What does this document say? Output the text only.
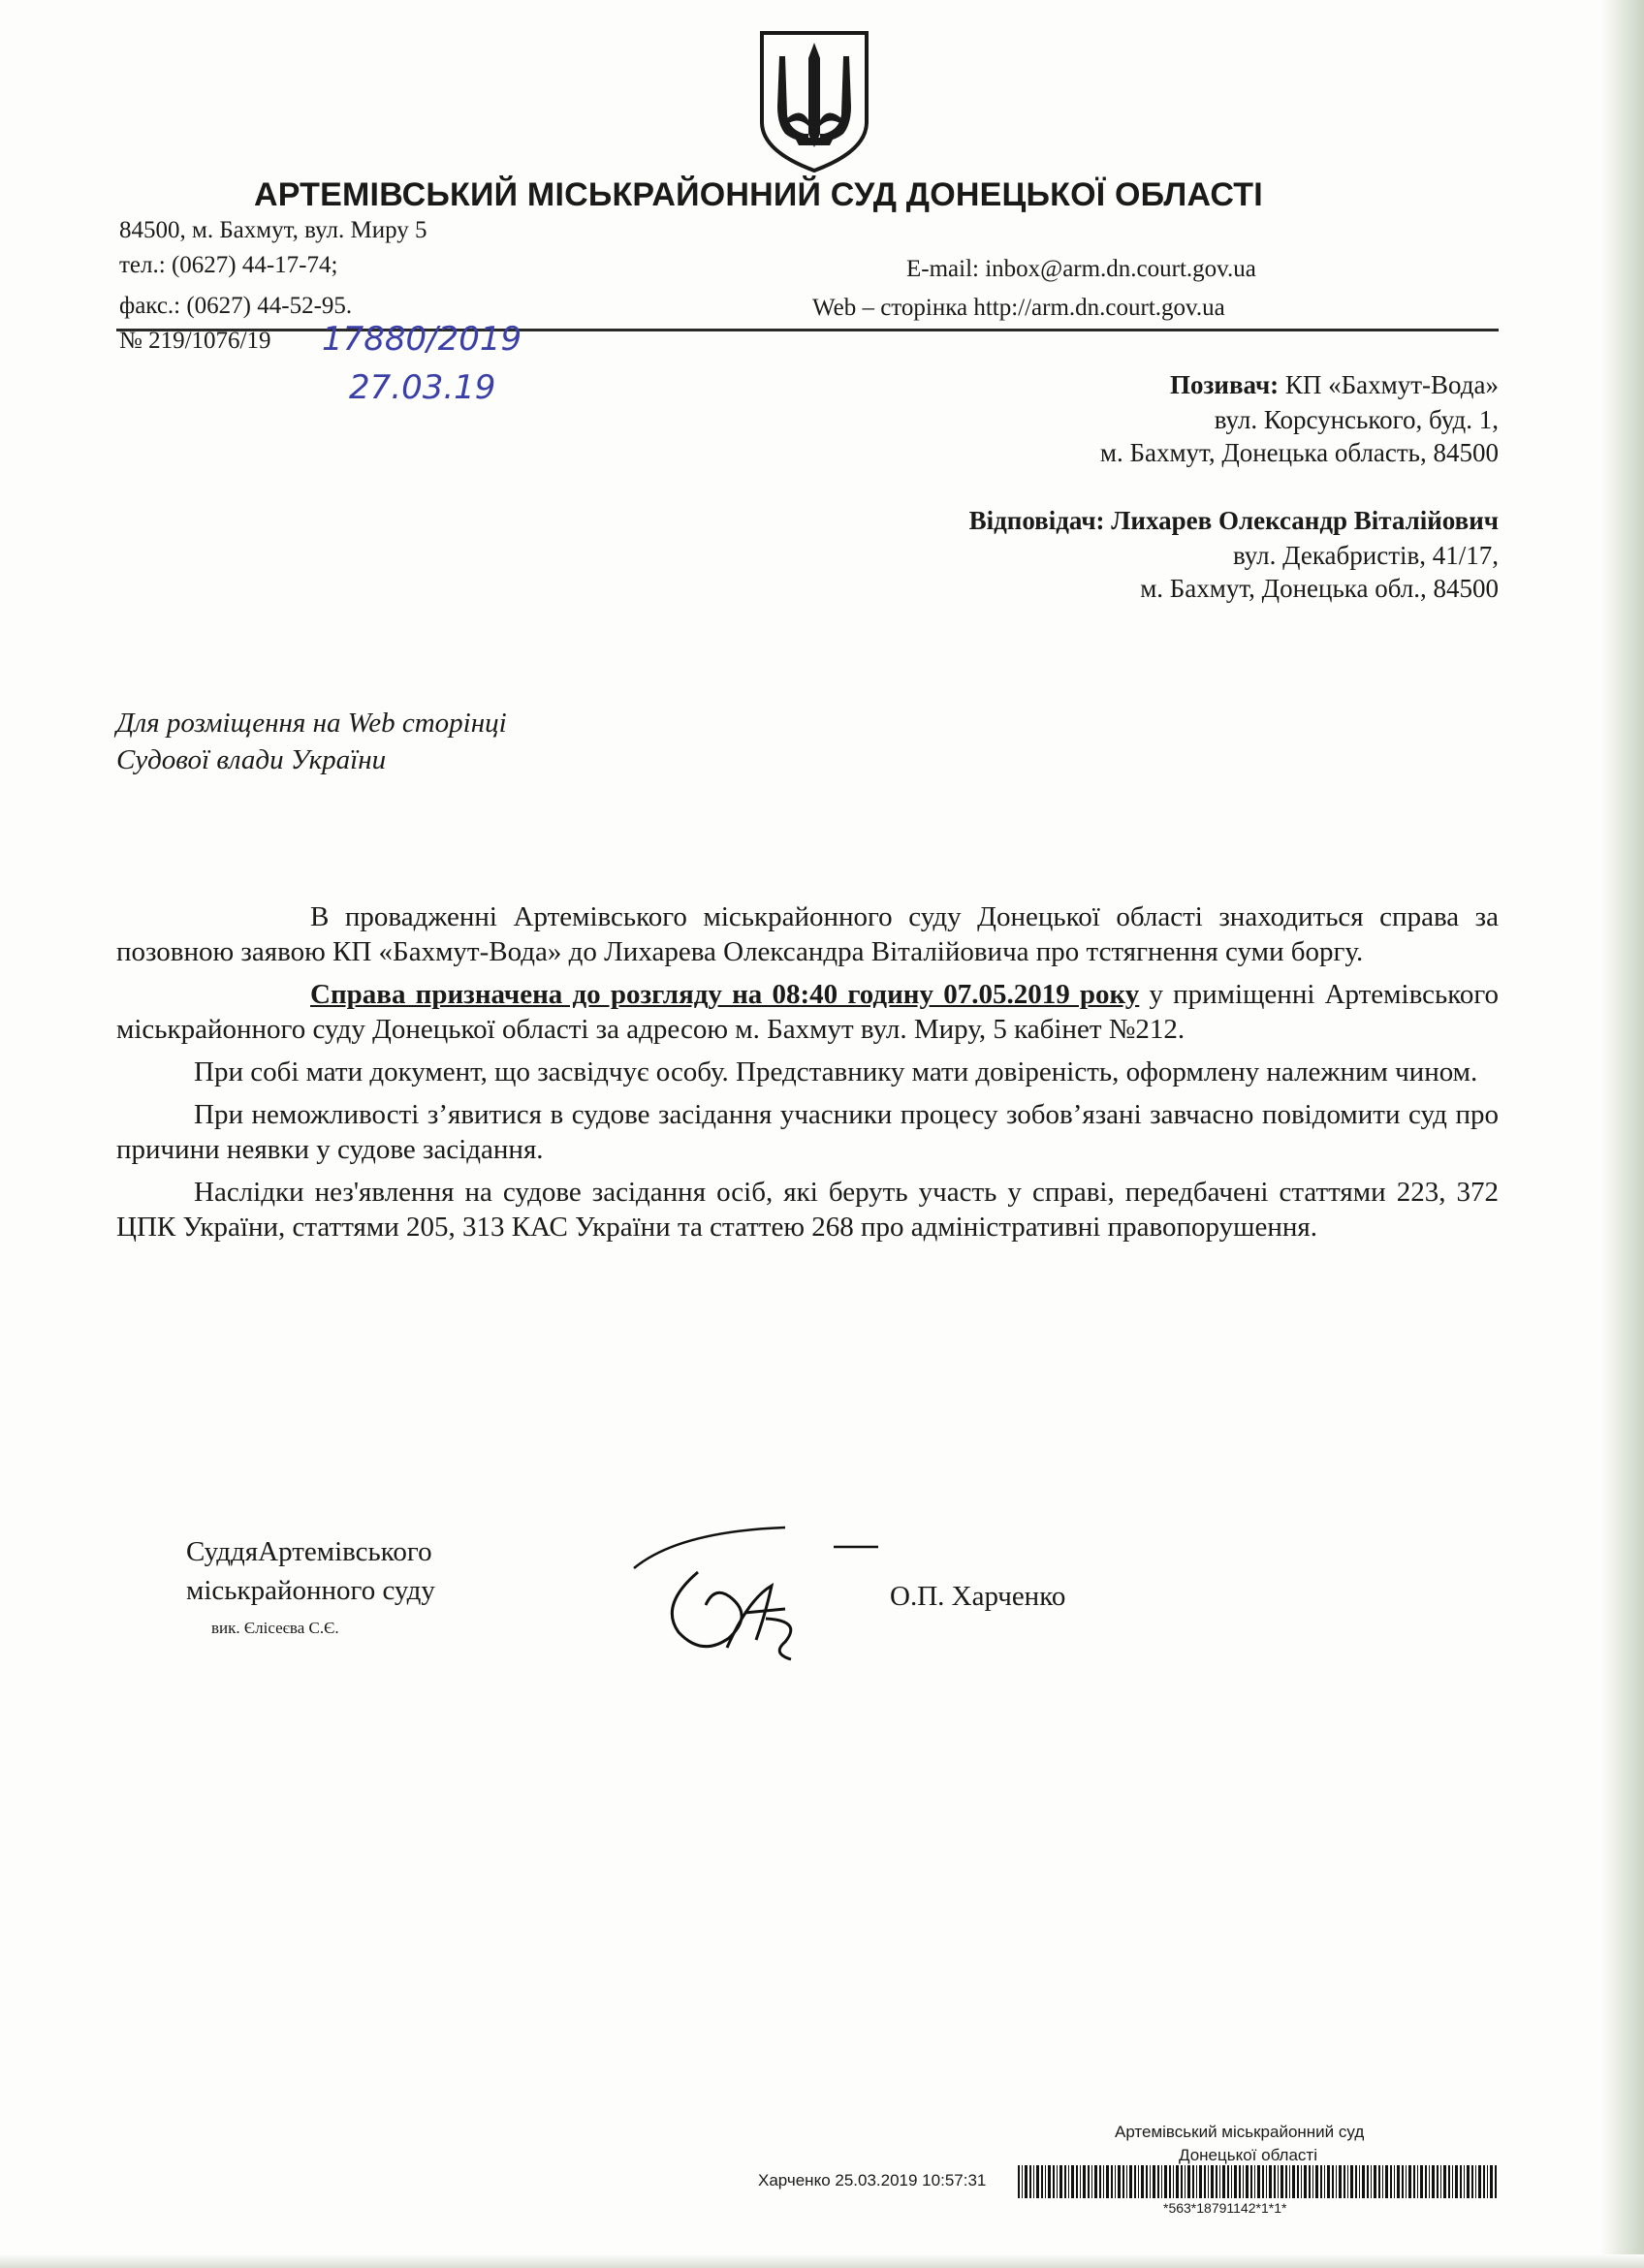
АРТЕМІВСЬКИЙ МІСЬКРАЙОННИЙ СУД ДОНЕЦЬКОЇ ОБЛАСТІ
84500, м. Бахмут, вул. Миру 5
тел.: (0627) 44-17-74;
факс.: (0627) 44-52-95.
E-mail: inbox@arm.dn.court.gov.ua
Web – сторінка http://arm.dn.court.gov.ua
№ 219/1076/19 17880/2019
27.03.19	Позивач: КП «Бахмут-Вода»
вул. Корсунського, буд. 1,
м. Бахмут, Донецька область, 84500
Відповідач: Лихарев Олександр Віталійович
вул. Декабристів, 41/17,
м. Бахмут, Донецька обл., 84500
Для розміщення на Web сторінці
Судової влади України

В провадженні Артемівського міськрайонного суду Донецької області знаходиться справа за позовною заявою КП «Бахмут-Вода» до Лихарева Олександра Віталійовича про тстягнення суми боргу.

Справа призначена до розгляду на 08:40 годину 07.05.2019 року у приміщенні Артемівського міськрайонного суду Донецької області за адресою м. Бахмут вул. Миру, 5 кабінет №212.

При собі мати документ, що засвідчує особу. Представнику мати довіреність, оформлену належним чином.

При неможливості з’явитися в судове засідання учасники процесу зобов’язані завчасно повідомити суд про причини неявки у судове засідання.

Наслідки нез'явлення на судове засідання осіб, які беруть участь у справі, передбачені статтями 223, 372 ЦПК України, статтями 205, 313 КАС України та статтею 268 про адміністративні правопорушення.

СуддяАртемівського
міськрайонного суду
вик. Єлісеєва С.Є.
О.П. Харченко
Артемівський міськрайонний суд
Донецької області
Харченко 25.03.2019 10:57:31
*563*18791142*1*1*
